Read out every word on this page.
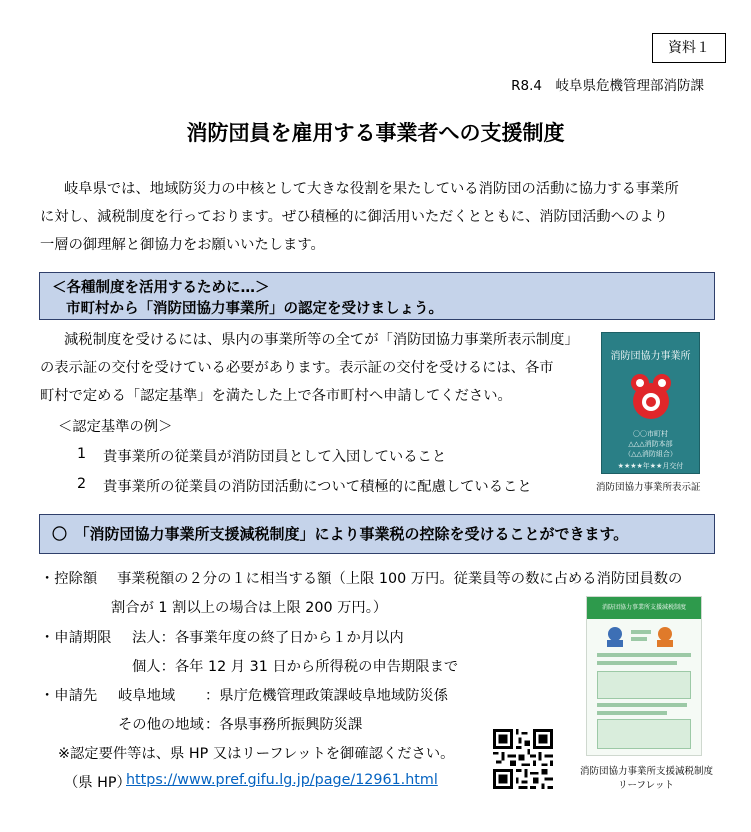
資料１
R8.4　岐阜県危機管理部消防課
消防団員を雇用する事業者への支援制度
岐阜県では、地域防災力の中核として大きな役割を果たしている消防団の活動に協力する事業所
に対し、減税制度を行っております。ぜひ積極的に御活用いただくとともに、消防団活動へのより
一層の御理解と御協力をお願いいたします。
＜各種制度を活用するために…＞
市町村から「消防団協力事業所」の認定を受けましょう。
減税制度を受けるには、県内の事業所等の全てが「消防団協力事業所表示制度」
の表示証の交付を受けている必要があります。表示証の交付を受けるには、各市
町村で定める「認定基準」を満たした上で各市町村へ申請してください。
＜認定基準の例＞
1 貴事業所の従業員が消防団員として入団していること
2 貴事業所の従業員の消防団活動について積極的に配慮していること
消防団協力事業所
〇〇市町村
△△△消防本部
（△△消防組合）
★★★★年★★月交付
消防団協力事業所表示証
〇　「消防団協力事業所支援減税制度」により事業税の控除を受けることができます。
・控除額 事業税額の２分の１に相当する額（上限 100 万円。従業員等の数に占める消防団員数の
割合が 1 割以上の場合は上限 200 万円。）
・申請期限 法人：各事業年度の終了日から１か月以内
個人：各年 12 月 31 日から所得税の申告期限まで
・申請先 岐阜地域 ：県庁危機管理政策課岐阜地域防災係
その他の地域 ：各県事務所振興防災課
※認定要件等は、県 HP 又はリーフレットを御確認ください。
（県 HP）
https://www.pref.gifu.lg.jp/page/12961.html
消防団協力事業所支援減税制度
消防団協力事業所支援減税制度
リーフレット
